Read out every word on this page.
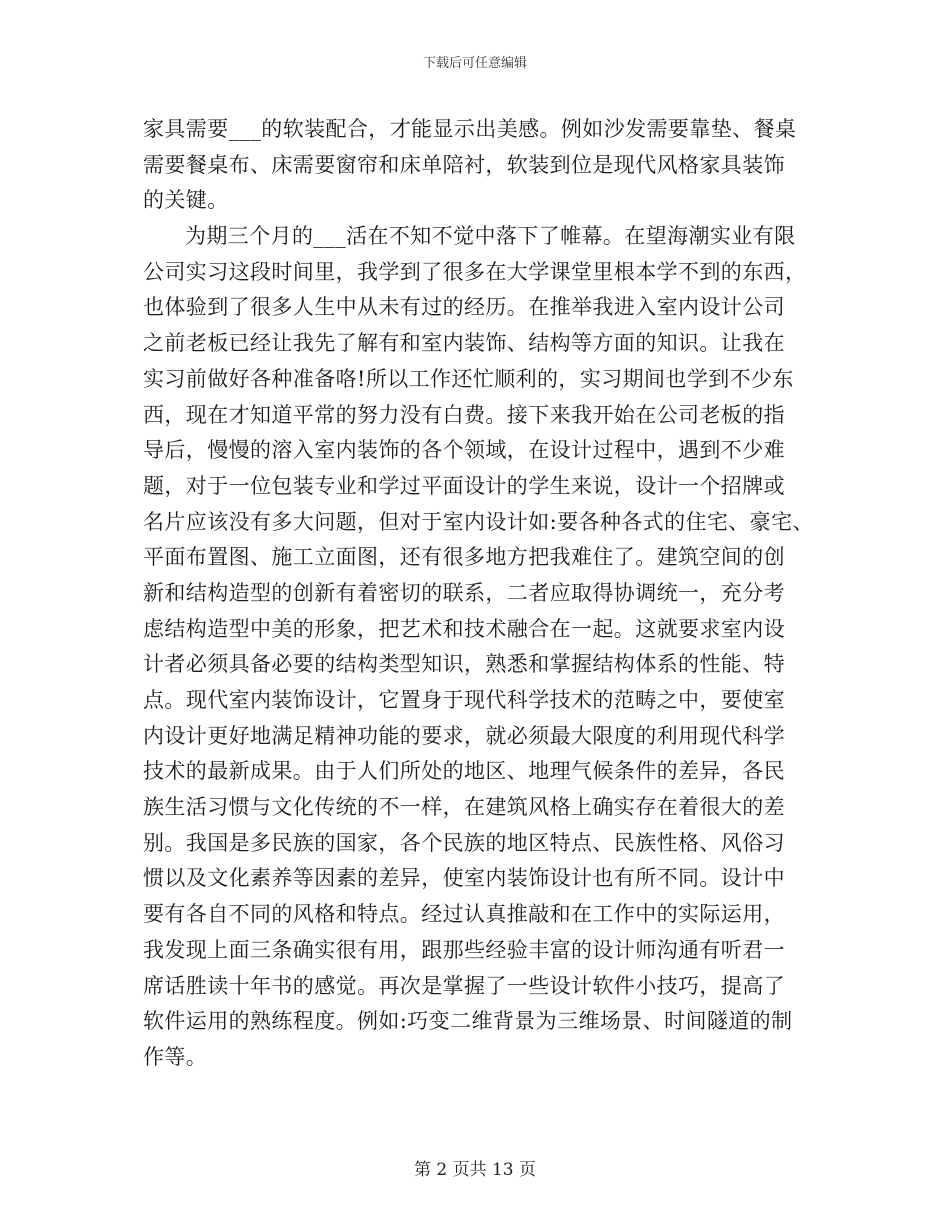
下载后可任意编辑
家具需要___的软装配合，才能显示出美感。例如沙发需要靠垫、餐桌
需要餐桌布、床需要窗帘和床单陪衬，软装到位是现代风格家具装饰
的关键。
为期三个月的___活在不知不觉中落下了帷幕。在望海潮实业有限
公司实习这段时间里，我学到了很多在大学课堂里根本学不到的东西，
也体验到了很多人生中从未有过的经历。在推举我进入室内设计公司
之前老板已经让我先了解有和室内装饰、结构等方面的知识。让我在
实习前做好各种准备咯!所以工作还忙顺利的，实习期间也学到不少东
西，现在才知道平常的努力没有白费。接下来我开始在公司老板的指
导后，慢慢的溶入室内装饰的各个领域，在设计过程中，遇到不少难
题，对于一位包装专业和学过平面设计的学生来说，设计一个招牌或
名片应该没有多大问题，但对于室内设计如:要各种各式的住宅、豪宅、
平面布置图、施工立面图，还有很多地方把我难住了。建筑空间的创
新和结构造型的创新有着密切的联系，二者应取得协调统一，充分考
虑结构造型中美的形象，把艺术和技术融合在一起。这就要求室内设
计者必须具备必要的结构类型知识，熟悉和掌握结构体系的性能、特
点。现代室内装饰设计，它置身于现代科学技术的范畴之中，要使室
内设计更好地满足精神功能的要求，就必须最大限度的利用现代科学
技术的最新成果。由于人们所处的地区、地理气候条件的差异，各民
族生活习惯与文化传统的不一样，在建筑风格上确实存在着很大的差
别。我国是多民族的国家，各个民族的地区特点、民族性格、风俗习
惯以及文化素养等因素的差异，使室内装饰设计也有所不同。设计中
要有各自不同的风格和特点。经过认真推敲和在工作中的实际运用，
我发现上面三条确实很有用，跟那些经验丰富的设计师沟通有听君一
席话胜读十年书的感觉。再次是掌握了一些设计软件小技巧，提高了
软件运用的熟练程度。例如:巧变二维背景为三维场景、时间隧道的制
作等。
第 2 页共 13 页
